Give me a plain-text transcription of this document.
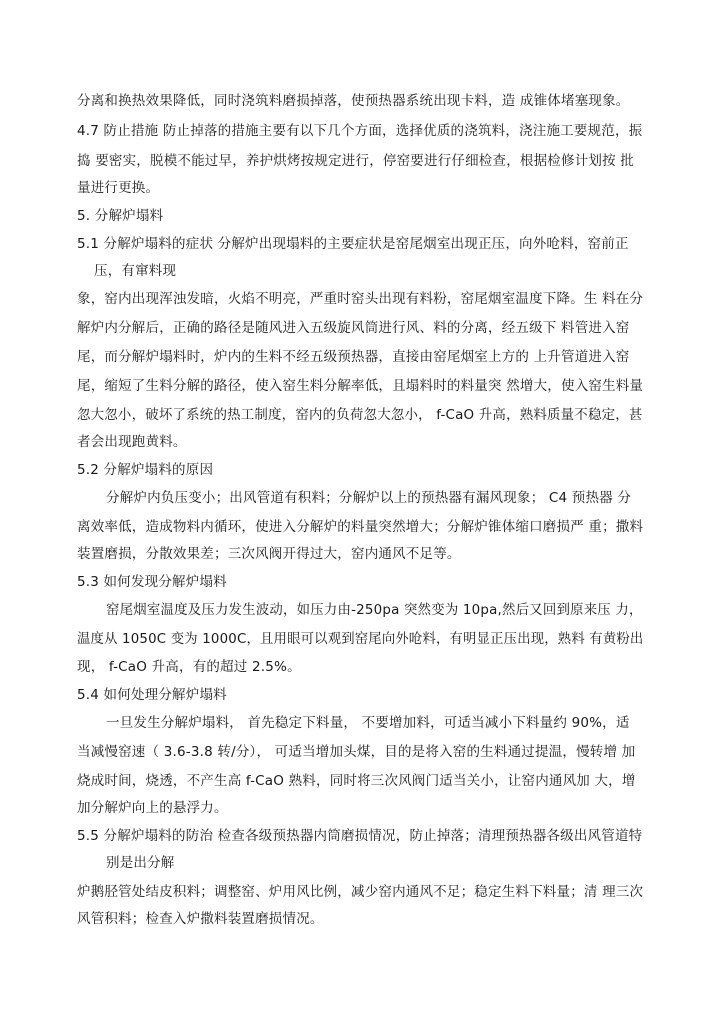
分离和换热效果降低，同时浇筑料磨损掉落，使预热器系统出现卡料，造 成锥体堵塞现象。
4.7 防止措施 防止掉落的措施主要有以下几个方面，选择优质的浇筑料，浇注施工要规范，振
捣 要密实，脱模不能过早，养护烘烤按规定进行，停窑要进行仔细检查，根据检修计划按 批
量进行更换。
5. 分解炉塌料
5.1 分解炉塌料的症状 分解炉出现塌料的主要症状是窑尾烟室出现正压，向外呛料，窑前正
压，有窜料现
象，窑内出现浑浊发暗，火焰不明亮，严重时窑头出现有料粉，窑尾烟室温度下降。生 料在分
解炉内分解后，正确的路径是随风进入五级旋风筒进行风、料的分离，经五级下 料管进入窑
尾，而分解炉塌料时，炉内的生料不经五级预热器，直接由窑尾烟室上方的 上升管道进入窑
尾，缩短了生料分解的路径，使入窑生料分解率低，且塌料时的料量突 然增大，使入窑生料量
忽大忽小，破坏了系统的热工制度，窑内的负荷忽大忽小， f-CaO 升高，熟料质量不稳定，甚
者会出现跑黄料。
5.2 分解炉塌料的原因
分解炉内负压变小；出风管道有积料；分解炉以上的预热器有漏风现象； C4 预热器 分
离效率低，造成物料内循环，使进入分解炉的料量突然增大；分解炉锥体缩口磨损严 重；撒料
装置磨损，分散效果差；三次风阀开得过大，窑内通风不足等。
5.3 如何发现分解炉塌料
窑尾烟室温度及压力发生波动，如压力由-250pa 突然变为 10pa,然后又回到原来压 力，
温度从 1050C 变为 1000C，且用眼可以观到窑尾向外呛料，有明显正压出现，熟料 有黄粉出
现， f-CaO 升高，有的超过 2.5%。
5.4 如何处理分解炉塌料
一旦发生分解炉塌料， 首先稳定下料量， 不要增加料，可适当减小下料量约 90%，适
当减慢窑速（ 3.6-3.8 转/分）， 可适当增加头煤，目的是将入窑的生料通过提温，慢转增 加
烧成时间，烧透，不产生高 f-CaO 熟料，同时将三次风阀门适当关小，让窑内通风加 大，增
加分解炉向上的悬浮力。
5.5 分解炉塌料的防治 检查各级预热器内筒磨损情况，防止掉落；清理预热器各级出风管道特
别是出分解
炉鹅胫管处结皮积料；调整窑、炉用风比例，减少窑内通风不足；稳定生料下料量；清 理三次
风管积料；检查入炉撒料装置磨损情况。
